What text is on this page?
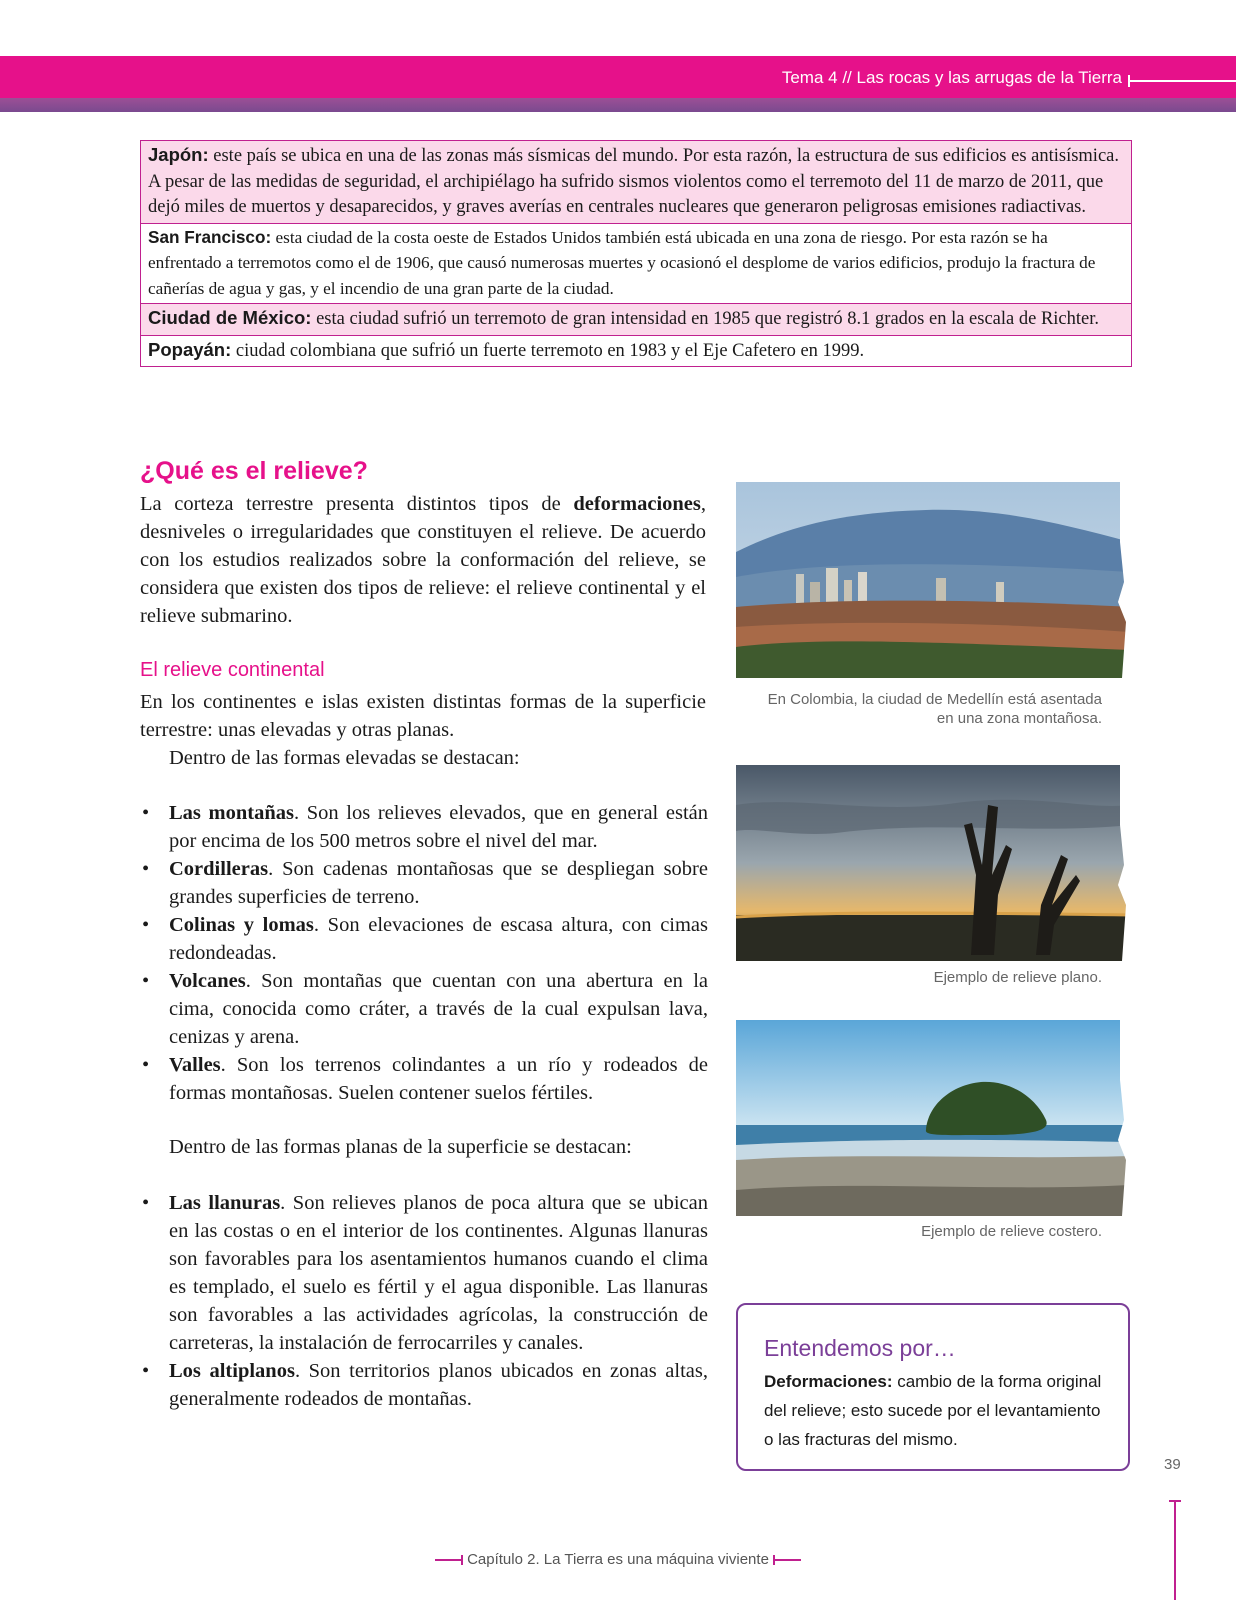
Tema 4 // Las rocas y las arrugas de la Tierra
Japón: este país se ubica en una de las zonas más sísmicas del mundo. Por esta razón, la estructura de sus edificios es antisísmica. A pesar de las medidas de seguridad, el archipiélago ha sufrido sismos violentos como el terremoto del 11 de marzo de 2011, que dejó miles de muertos y desaparecidos, y graves averías en centrales nucleares que generaron peligrosas emisiones radiactivas.
San Francisco: esta ciudad de la costa oeste de Estados Unidos también está ubicada en una zona de riesgo. Por esta razón se ha enfrentado a terremotos como el de 1906, que causó numerosas muertes y ocasionó el desplome de varios edificios, produjo la fractura de cañerías de agua y gas, y el incendio de una gran parte de la ciudad.
Ciudad de México: esta ciudad sufrió un terremoto de gran intensidad en 1985 que registró 8.1 grados en la escala de Richter.
Popayán: ciudad colombiana que sufrió un fuerte terremoto en 1983 y el Eje Cafetero en 1999.
¿Qué es el relieve?
La corteza terrestre presenta distintos tipos de deformaciones, desniveles o irregularidades que constituyen el relieve. De acuerdo con los estudios realizados sobre la conformación del relieve, se considera que existen dos tipos de relieve: el relieve continental y el relieve submarino.
El relieve continental
En los continentes e islas existen distintas formas de la superficie terrestre: unas elevadas y otras planas.
Dentro de las formas elevadas se destacan:
• Las montañas. Son los relieves elevados, que en general están por encima de los 500 metros sobre el nivel del mar.
• Cordilleras. Son cadenas montañosas que se despliegan sobre grandes superficies de terreno.
• Colinas y lomas. Son elevaciones de escasa altura, con cimas redondeadas.
• Volcanes. Son montañas que cuentan con una abertura en la cima, conocida como cráter, a través de la cual expulsan lava, cenizas y arena.
• Valles. Son los terrenos colindantes a un río y rodeados de formas montañosas. Suelen contener suelos fértiles.
Dentro de las formas planas de la superficie se destacan:
• Las llanuras. Son relieves planos de poca altura que se ubican en las costas o en el interior de los continentes. Algunas llanuras son favorables para los asentamientos humanos cuando el clima es templado, el suelo es fértil y el agua disponible. Las llanuras son favorables a las actividades agrícolas, la construcción de carreteras, la instalación de ferrocarriles y canales.
• Los altiplanos. Son territorios planos ubicados en zonas altas, generalmente rodeados de montañas.
En Colombia, la ciudad de Medellín está asentada
en una zona montañosa.
Ejemplo de relieve plano.
Ejemplo de relieve costero.
Entendemos por…
Deformaciones: cambio de la forma original del relieve; esto sucede por el levantamiento o las fracturas del mismo.
39
Capítulo 2. La Tierra es una máquina viviente
